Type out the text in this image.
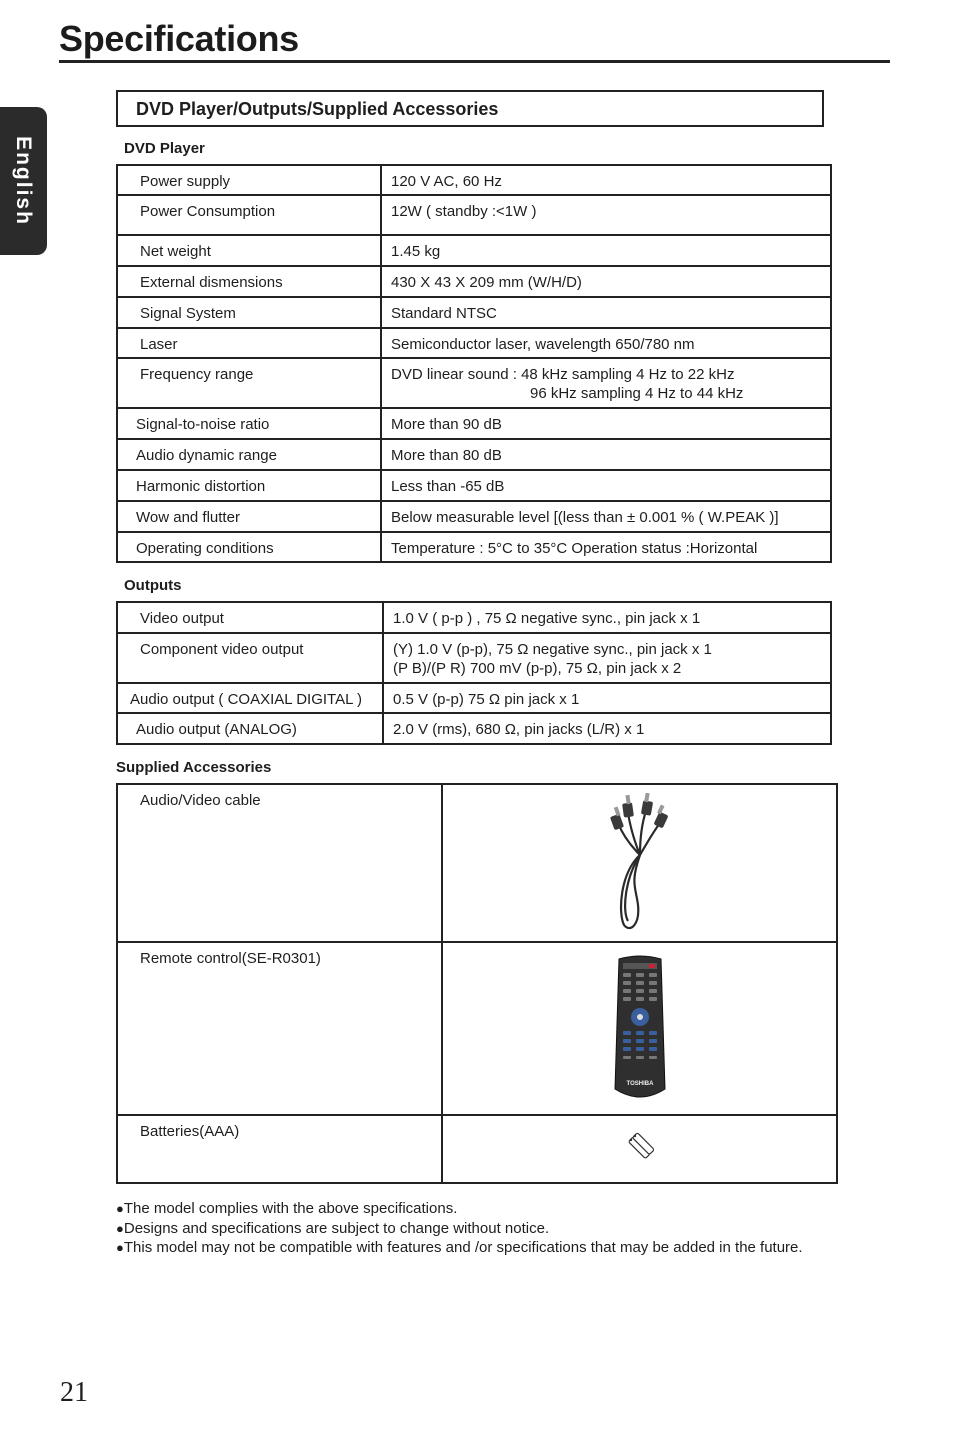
Specifications
English
DVD Player/Outputs/Supplied Accessories
DVD Player
Power supply	120 V AC, 60 Hz
Power Consumption	12W ( standby :<1W )
Net weight	1.45 kg
External dismensions	430 X 43 X 209 mm (W/H/D)
Signal System	Standard NTSC
Laser	Semiconductor laser, wavelength 650/780 nm
Frequency range	DVD linear sound : 48 kHz sampling 4 Hz to 22 kHz
96 kHz sampling 4 Hz to 44 kHz

Signal-to-noise ratio	More than 90 dB
Audio dynamic range	More than 80 dB
Harmonic distortion	Less than -65 dB
Wow and flutter	Below measurable level [(less than ± 0.001 % ( W.PEAK )]
Operating conditions	Temperature : 5°C to 35°C Operation status :Horizontal
Outputs
Video output	1.0 V ( p-p ) , 75 Ω negative sync., pin jack x 1
Component video output	(Y) 1.0 V (p-p), 75 Ω negative sync., pin jack x 1
(P B)/(P R) 700 mV (p-p), 75 Ω, pin jack x 2

Audio output ( COAXIAL DIGITAL )	0.5 V (p-p) 75 Ω pin jack x 1
Audio output (ANALOG)	2.0 V (rms), 680 Ω, pin jacks (L/R) x 1
Supplied Accessories
Audio/Video cable	

Remote control(SE-R0301)	TOSHIBA

Batteries(AAA)	
● The model complies with the above specifications.
● Designs and specifications are subject to change without notice.
● This model may not be compatible with features and /or specifications that may be added in the future.
21
